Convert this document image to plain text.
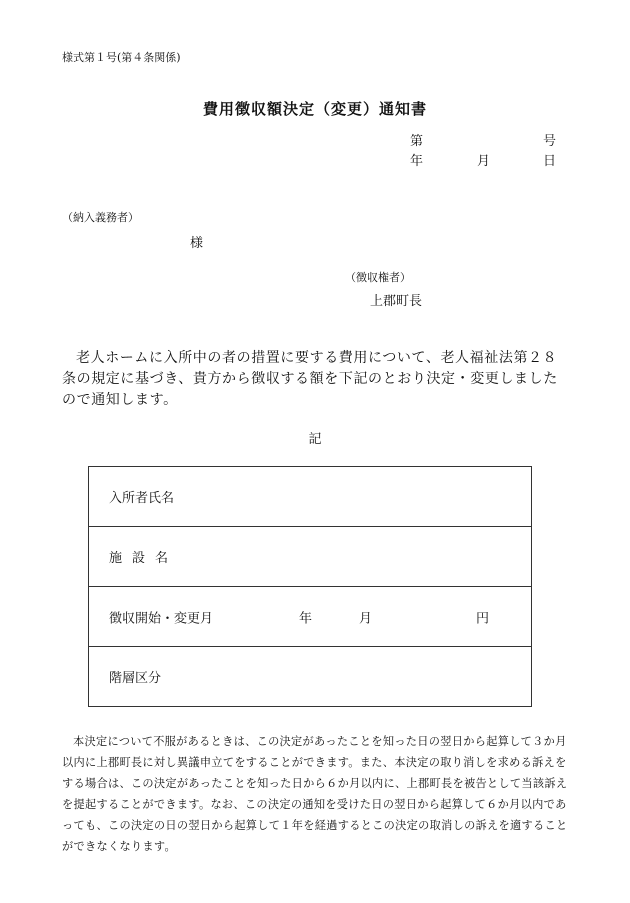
様式第１号(第４条関係)
費用徴収額決定（変更）通知書
第	号
年	月	日
（納入義務者）
様
（徴収権者）
上郡町長

老人ホームに入所中の者の措置に要する費用について、老人福祉法第２８条の規定に基づき、貴方から徴収する額を下記のとおり決定・変更しましたので通知します。

記
入所者氏名
施設名

徴収開始・変更月	年	月	円

階層区分

本決定について不服があるときは、この決定があったことを知った日の翌日から起算して３か月以内に上郡町長に対し異議申立てをすることができます。また、本決定の取り消しを求める訴えをする場合は、この決定があったことを知った日から６か月以内に、上郡町長を被告として当該訴えを提起することができます。なお、この決定の通知を受けた日の翌日から起算して６か月以内であっても、この決定の日の翌日から起算して１年を経過するとこの決定の取消しの訴えを適することができなくなります。
